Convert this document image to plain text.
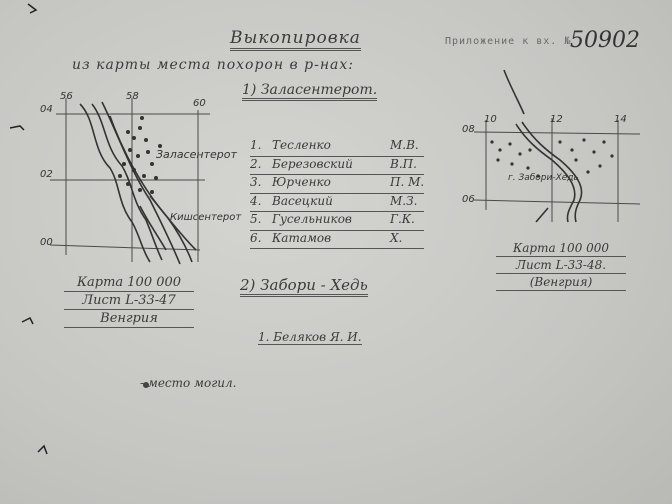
56	58
60
04
02
00
Заласентерот
Кишсентерот
10	12	14
08
06
г. Забори-Хедь
Выкопировка
из карты места похорон в р-нах:
Приложение к вх. №
50902
1) Заласентерот.
1. Тесленко	М.В.
2. Березовский	В.П.
3. Юрченко	П. М.
4. Васецкий	М.З.
5. Гусельников	Г.К.
6. Катамов	Х.
2) Забори - Хедь
1. Беляков Я. И.
- место могил.
Карта 100 000
Лист L-33-47
Венгрия
Карта 100 000
Лист L-33-48.
(Венгрия)
